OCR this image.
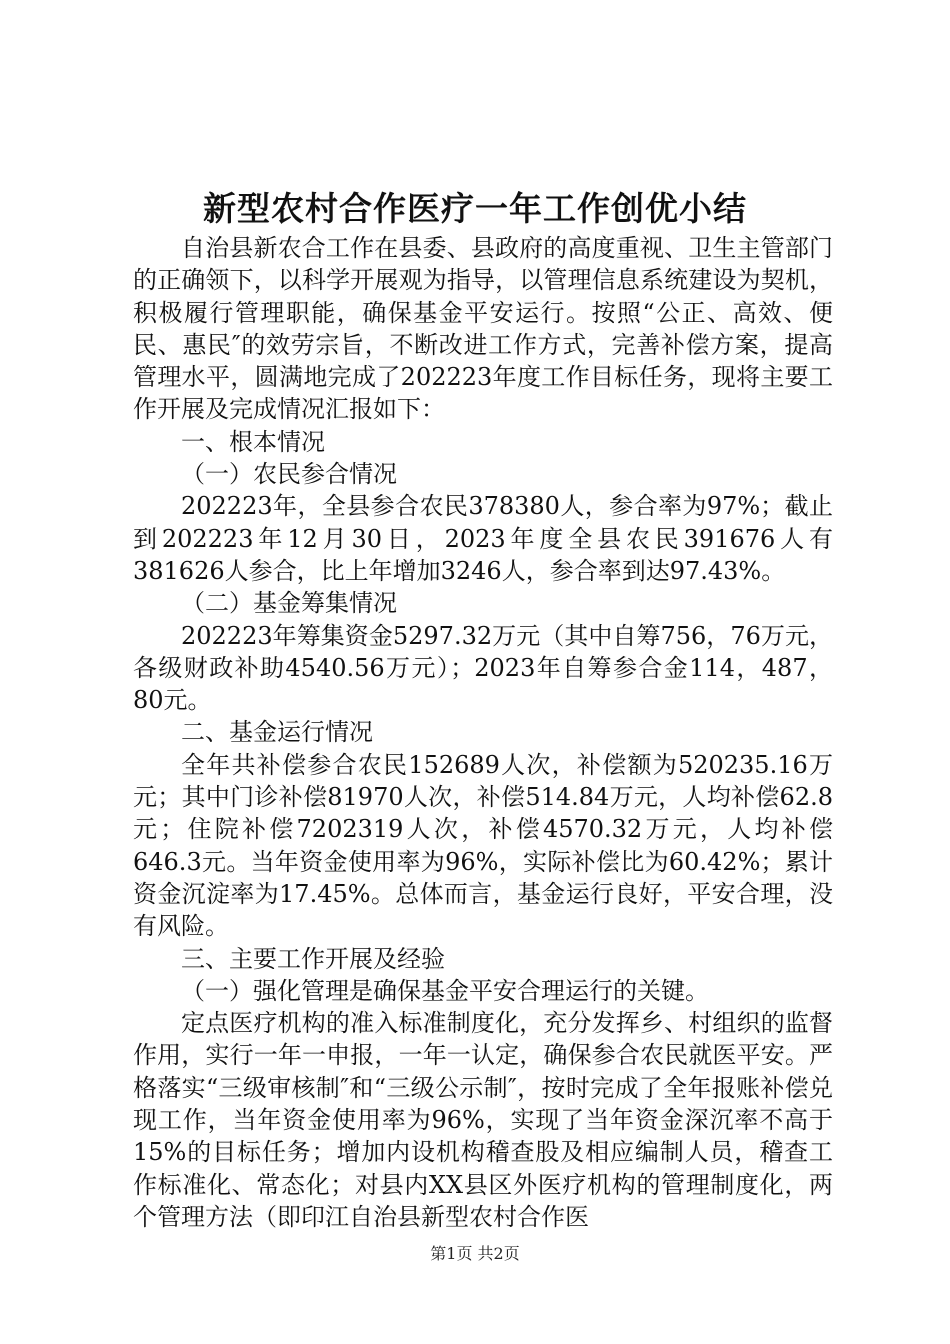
新型农村合作医疗一年工作创优小结

自治县新农合工作在县委、县政府的高度重视、卫生主管部门的正确领下，以科学开展观为指导，以管理信息系统建设为契机，积极履行管理职能，确保基金平安运行。按照“公正、高效、便民、惠民″的效劳宗旨，不断改进工作方式，完善补偿方案，提高管理水平，圆满地完成了202223年度工作目标任务，现将主要工作开展及完成情况汇报如下：

一、根本情况

（一）农民参合情况

202223年，全县参合农民378380人，参合率为97%；截止到202223年12月30日，2023年度全县农民391676人有381626人参合，比上年增加3246人，参合率到达97.43%。

（二）基金筹集情况

202223年筹集资金5297.32万元（其中自筹756，76万元，各级财政补助4540.56万元）；2023年自筹参合金114，487，80元。

二、基金运行情况

全年共补偿参合农民152689人次，补偿额为520235.16万元；其中门诊补偿81970人次，补偿514.84万元，人均补偿62.8元；住院补偿7202319人次，补偿4570.32万元，人均补偿646.3元。当年资金使用率为96%，实际补偿比为60.42%；累计资金沉淀率为17.45%。总体而言，基金运行良好，平安合理，没有风险。

三、主要工作开展及经验

（一）强化管理是确保基金平安合理运行的关键。

定点医疗机构的准入标准制度化，充分发挥乡、村组织的监督作用，实行一年一申报，一年一认定，确保参合农民就医平安。严格落实“三级审核制″和“三级公示制″，按时完成了全年报账补偿兑现工作，当年资金使用率为96%，实现了当年资金深沉率不高于15%的目标任务；增加内设机构稽查股及相应编制人员，稽查工作标准化、常态化；对县内XX县区外医疗机构的管理制度化，两个管理方法（即印江自治县新型农村合作医

第1页 共2页
